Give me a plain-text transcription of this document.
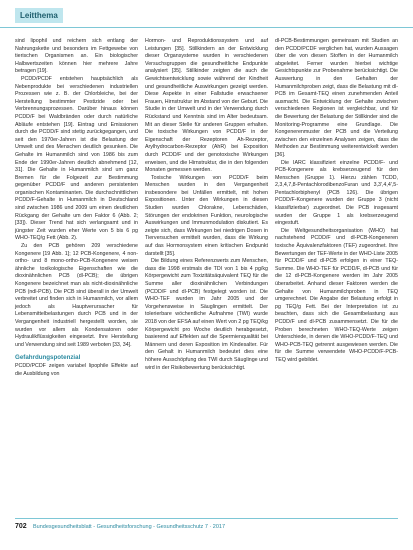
Leitthema

sind lipophil und reichern sich entlang der Nahrungskette und besonders im Fettgewebe von tierischen Organismen an. Ein biologischer Halbwertszeiten können hier mehrere Jahre betragen [19].

PCDD/PCDF entstehen hauptsächlich als Nebenprodukte bei verschiedenen industriellen Prozessen wie z. B. der Chlorbleiche, bei der Herstellung bestimmter Pestizide oder bei Verbrennungsprozessen. Darüber hinaus können PCDD/F bei Waldbränden oder durch natürliche Abläufe entstehen [19]. Eintrag und Emissionen durch die PCDD/F sind stetig zurückgegangen, und seit den 1970er-Jahren ist die Belastung der Umwelt und des Menschen deutlich gesunken. Die Gehalte im Humanmilch sind von 1986 bis zum Ende der 1990er-Jahren deutlich abnehmend [12, 31]. Die Gehalte in Humanmilch sind um ganz Bremen für die Folgezeit zur Bestimmung gegenüber PCDD/F und anderen persistenten organischen Kontaminanten. Die durchschnittlichen PCDD/F-Gehalte in Humanmilch in Deutschland sind zwischen 1986 und 2009 um einen deutlichen Rückgang der Gehalte um den Faktor 6 (Abb. 2; [33]). Dieser Trend hat sich verlangsamt und in jüngster Zeit wurden eher Werte von 5 bis 6 pg WHO-TEQ/g Fett (Abb. 2).

Zu den PCB gehören 209 verschiedene Kongenere [19 Abb. 1]; 12 PCB-Kongenere, 4 non-ortho- und 8 mono-ortho-PCB-Kongenere weisen ähnliche toxikologische Eigenschaften wie die dioxinähnlichen PCB (dl-PCB); die übrigen Kongenere bezeichnet man als nicht-dioxinähnliche PCB (ndl-PCB). Die PCB sind überall in der Umwelt verbreitet und finden sich in Humanmilch, vor allem jedoch als Hauptverursacher für Lebensmittelbelastungen durch PCB und in der Vergangenheit industriell hergestellt worden, sie wurden vor allem als Kondensatoren oder Hydraulikflüssigkeiten eingesetzt. Ihre Herstellung und Verwendung sind seit 1989 verboten [33, 34].

Gefahrdungspotenzial

PCDD/PCDF zeigen variabel lipophile Effekte auf die Ausbildung von

Hormon- und Reproduktionssystem und auf Leistungen [35]. Stillkindern an der Entwicklung dieser Organsysteme wurden in verschiedenen Versuchsgruppen die gesundheitliche Endpunkte analysiert [35]. Stillkinder zeigten die auch die Gewichtsentwicklung sowie während der Kindheit und gesundheitliche Auswirkungen gezeigt werden. Diese Aspekte in einer Fallstudie erwachsener Frauen, Hirnstruktur im Abstand von der Geburt. Die Studie in der Umwelt und in der Verwendung durch Rückstand und Kenntnis sind im Alter bedeutsam. Mit an dieser Stelle für anderen Gruppen erhalten. Die toxische Wirkungen von PCDD/F in der Eigenschaft der Rezeptoren Ah-Rezeptor, Arylhydrocarbon-Rezeptor (AhR) bei Exposition durch PCDD/F und der genotoxische Wirkungen erweisen, und die Hirnstruktur, die in den folgenden Monaten gemessen werden.

Toxische Wirkungen von PCDD/F beim Menschen wurden in den Vergangenheit insbesondere bei Unfällen ermittelt, mit hohen Expositionen. Unter den Wirkungen in diesen Studien wurden Chlorakne, Leberschäden, Störungen der endokrinen Funktion, neurologische Auswirkungen und Immunmodulation diskutiert. Es zeigte sich, dass Wirkungen bei niedrigen Dosen in Tierversuchen ermittelt wurden, dass die Wirkung auf das Hormonsystem einen kritischen Endpunkt darstellt [35].

Die Bildung eines Referenzwerts zum Menschen, dass die 1998 erstmals die TDI von 1 bis 4 pg/kg Körpergewicht zum Toxizitätsäquivalent TEQ für die Summe aller dioxinähnlichen Verbindungen (PCDD/F und dl-PCB) festgelegt worden ist. Die WHO-TEF wurden im Jahr 2005 und der Vorgehensweise in Säuglingen ermittelt. Der tolerierbare wöchentliche Aufnahme (TWI) wurde 2018 von der EFSA auf einen Wert von 2 pg TEQ/kg Körpergewicht pro Woche deutlich herabgesetzt, basierend auf Effekten auf die Spermienqualität bei Männern und deren Exposition im Kindesalter. Für den Gehalt in Humanmilch bedeutet dies eine höhere Ausschöpfung des TWI durch Säuglinge und wird in der Risikobewertung berücksichtigt.

dl-PCB-Bestimmungen gemeinsam mit Studien an den PCDD/PCDF verglichen hat, wurden Aussagen über die von diesen Stoffen in der Humanmilch abgeleitet. Ferner wurden hierbei wichtige Gesichtspunkte zur Probenahme berücksichtigt. Die Auswertung in den Gehalten der Humanmilchproben zeigt, dass die Belastung mit dl-PCB im Gesamt-TEQ einen zunehmenden Anteil ausmacht. Die Entwicklung der Gehalte zwischen verschiedenen Regionen ist vergleichbar, und für die Bewertung der Belastung der Stillkinder sind die Monitoring-Programme eine Grundlage. Die Kongenerenmuster der PCB und die Verteilung zwischen den einzelnen Analysen zeigen, dass die Methoden zur Bestimmung weiterentwickelt werden [36].

Die IARC klassifiziert einzelne PCDD/F- und PCB-Kongenere als krebserzeugend für den Menschen (Gruppe 1). Hierzu zählen TCDD, 2,3,4,7,8-PentachlorodibenzoFuran und 3,3',4,4',5-Pentachlorbiphenyl (PCB 126). Die übrigen PCDD/F-Kongenere wurden der Gruppe 3 (nicht klassifizierbar) zugeordnet. Die PCB insgesamt wurden der Gruppe 1 als krebserzeugend eingestuft.

Die Weltgesundheitsorganisation (WHO) hat nachstehend PCDD/F und dl-PCB-Kongeneren toxische Äquivalenzfaktoren (TEF) zugeordnet. Ihre Bewertungen der TEF-Werte in der WHO-Liste 2005 für PCDD/F und dl-PCB erfolgen in einer TEQ-Summe. Die WHO-TEF für PCDD/F, dl-PCB und für die 12 dl-PCB-Kongenere werden im Jahr 2005 überarbeitet. Anhand dieser Faktoren werden die Gehalte von Humanmilchproben in TEQ umgerechnet. Die Angabe der Belastung erfolgt in pg TEQ/g Fett. Bei der Interpretation ist zu beachten, dass sich die Gesamtbelastung aus PCDD/F und dl-PCB zusammensetzt. Die für die Proben berechneten WHO-TEQ-Werte zeigen Unterschiede, in denen die WHO-PCDD/F-TEQ und WHO-PCB-TEQ getrennt ausgewiesen werden. Die für die Summe verwendete WHO-PCDD/F-PCB-TEQ wird gebildet.

702 Bundesgesundheitsblatt - Gesundheitsforschung - Gesundheitsschutz 7 · 2017
